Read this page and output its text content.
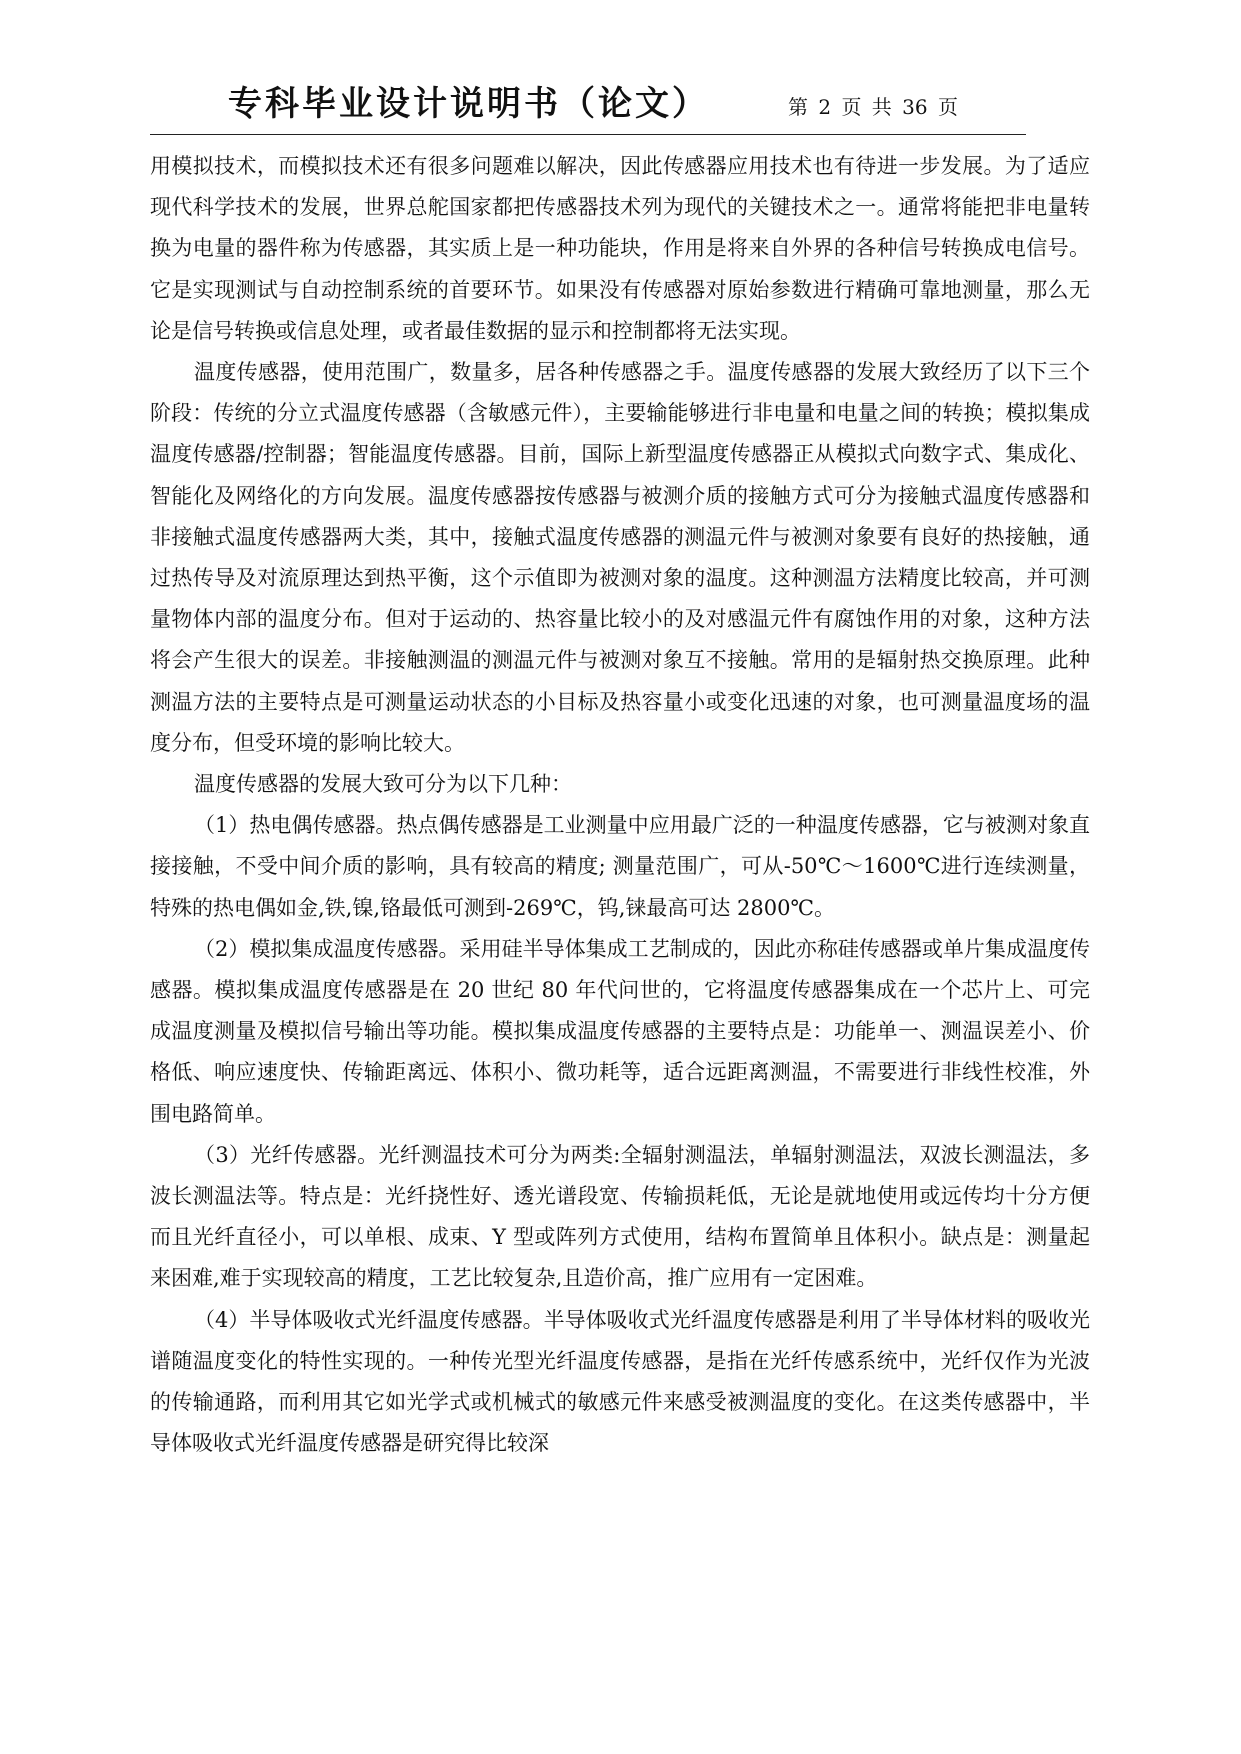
专科毕业设计说明书（论文）	第 2 页 共 36 页

用模拟技术，而模拟技术还有很多问题难以解决，因此传感器应用技术也有待进一步发展。为了适应现代科学技术的发展，世界总舵国家都把传感器技术列为现代的关键技术之一。通常将能把非电量转换为电量的器件称为传感器，其实质上是一种功能块，作用是将来自外界的各种信号转换成电信号。它是实现测试与自动控制系统的首要环节。如果没有传感器对原始参数进行精确可靠地测量，那么无论是信号转换或信息处理，或者最佳数据的显示和控制都将无法实现。

温度传感器，使用范围广，数量多，居各种传感器之手。温度传感器的发展大致经历了以下三个阶段：传统的分立式温度传感器（含敏感元件），主要输能够进行非电量和电量之间的转换；模拟集成温度传感器/控制器；智能温度传感器。目前，国际上新型温度传感器正从模拟式向数字式、集成化、智能化及网络化的方向发展。温度传感器按传感器与被测介质的接触方式可分为接触式温度传感器和非接触式温度传感器两大类，其中，接触式温度传感器的测温元件与被测对象要有良好的热接触，通过热传导及对流原理达到热平衡，这个示值即为被测对象的温度。这种测温方法精度比较高，并可测量物体内部的温度分布。但对于运动的、热容量比较小的及对感温元件有腐蚀作用的对象，这种方法将会产生很大的误差。非接触测温的测温元件与被测对象互不接触。常用的是辐射热交换原理。此种测温方法的主要特点是可测量运动状态的小目标及热容量小或变化迅速的对象，也可测量温度场的温度分布，但受环境的影响比较大。

温度传感器的发展大致可分为以下几种：

（1）热电偶传感器。热点偶传感器是工业测量中应用最广泛的一种温度传感器，它与被测对象直接接触，不受中间介质的影响，具有较高的精度; 测量范围广，可从-50℃～1600℃进行连续测量，特殊的热电偶如金,铁,镍,铬最低可测到-269℃，钨,铼最高可达 2800℃。

（2）模拟集成温度传感器。采用硅半导体集成工艺制成的，因此亦称硅传感器或单片集成温度传感器。模拟集成温度传感器是在 20 世纪 80 年代问世的，它将温度传感器集成在一个芯片上、可完成温度测量及模拟信号输出等功能。模拟集成温度传感器的主要特点是：功能单一、测温误差小、价格低、响应速度快、传输距离远、体积小、微功耗等，适合远距离测温，不需要进行非线性校准，外围电路简单。

（3）光纤传感器。光纤测温技术可分为两类:全辐射测温法，单辐射测温法，双波长测温法，多波长测温法等。特点是：光纤挠性好、透光谱段宽、传输损耗低，无论是就地使用或远传均十分方便而且光纤直径小，可以单根、成束、Y 型或阵列方式使用，结构布置简单且体积小。缺点是：测量起来困难,难于实现较高的精度，工艺比较复杂,且造价高，推广应用有一定困难。

（4）半导体吸收式光纤温度传感器。半导体吸收式光纤温度传感器是利用了半导体材料的吸收光谱随温度变化的特性实现的。一种传光型光纤温度传感器，是指在光纤传感系统中，光纤仅作为光波的传输通路，而利用其它如光学式或机械式的敏感元件来感受被测温度的变化。在这类传感器中，半导体吸收式光纤温度传感器是研究得比较深
